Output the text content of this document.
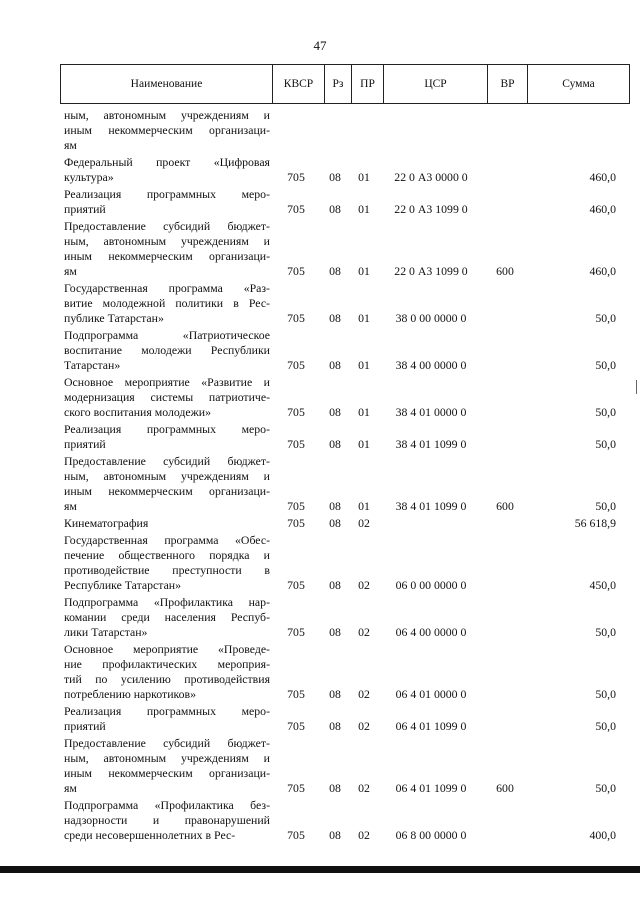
47
Наименование	КВСР	Рз	ПР	ЦСР	ВР	Сумма
ным, автономным учреждениям и
иным некоммерческим организаци-
ям
Федеральный проект «Цифровая
культура»	705 08 01	22 0 А3 0000 0	460,0
Реализация программных меро-
приятий	705 08 01	22 0 А3 1099 0	460,0
Предоставление субсидий бюджет-
ным, автономным учреждениям и
иным некоммерческим организаци-
ям	705 08 01	22 0 А3 1099 0	600	460,0
Государственная программа «Раз-
витие молодежной политики в Рес-
публике Татарстан»	705 08 01	38 0 00 0000 0	50,0
Подпрограмма «Патриотическое
воспитание молодежи Республики
Татарстан»	705 08 01	38 4 00 0000 0	50,0
Основное мероприятие «Развитие и
модернизация системы патриотиче-
ского воспитания молодежи»	705 08 01	38 4 01 0000 0	50,0
Реализация программных меро-
приятий	705 08 01	38 4 01 1099 0	50,0
Предоставление субсидий бюджет-
ным, автономным учреждениям и
иным некоммерческим организаци-
ям	705 08 01	38 4 01 1099 0	600	50,0
Кинематография	705 08 02	56 618,9
Государственная программа «Обес-
печение общественного порядка и
противодействие преступности в
Республике Татарстан»	705 08 02	06 0 00 0000 0	450,0
Подпрограмма «Профилактика нар-
комании среди населения Респуб-
лики Татарстан»	705 08 02	06 4 00 0000 0	50,0
Основное мероприятие «Проведе-
ние профилактических мероприя-
тий по усилению противодействия
потреблению наркотиков»	705 08 02	06 4 01 0000 0	50,0
Реализация программных меро-
приятий	705 08 02	06 4 01 1099 0	50,0
Предоставление субсидий бюджет-
ным, автономным учреждениям и
иным некоммерческим организаци-
ям	705 08 02	06 4 01 1099 0	600	50,0
Подпрограмма «Профилактика без-
надзорности и правонарушений
среди несовершеннолетних в Рес-	705 08 02	06 8 00 0000 0	400,0
